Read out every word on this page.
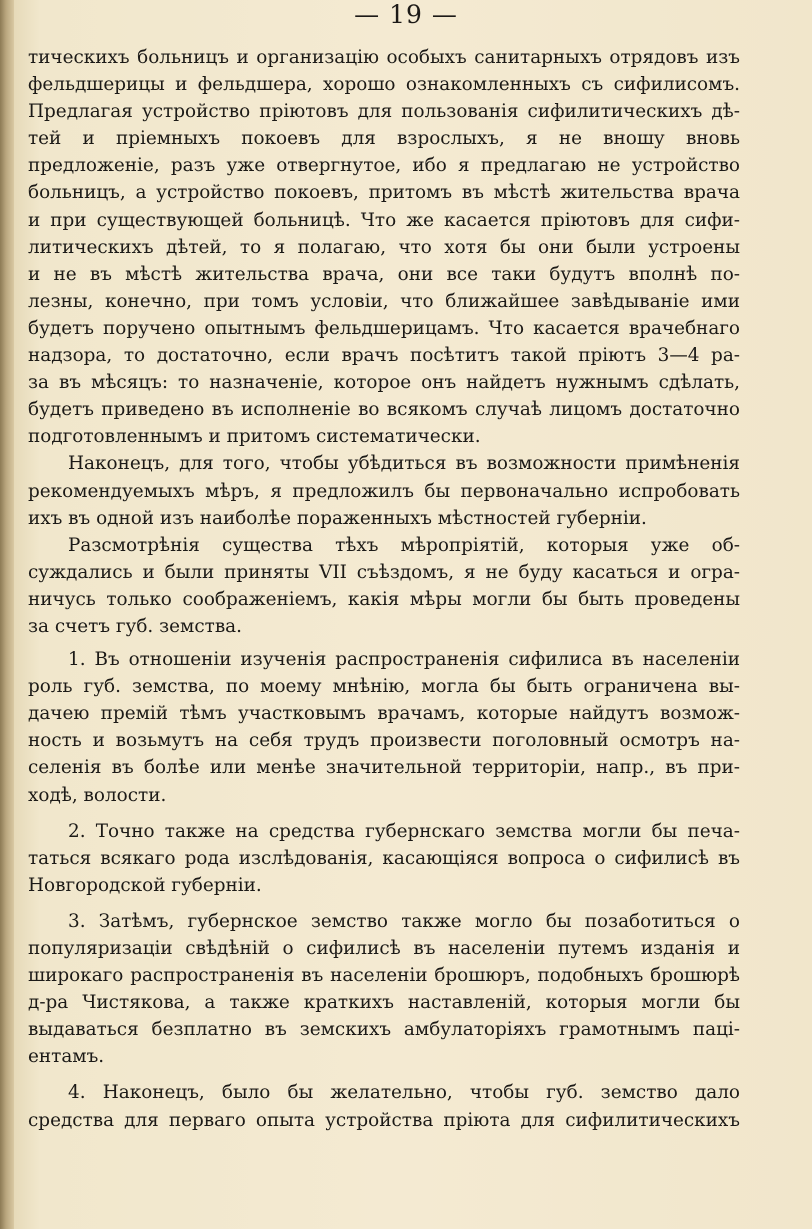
— 19 —

тическихъ больницъ и организацію особыхъ санитарныхъ отрядовъ изъ

фельдшерицы и фельдшера, хорошо ознакомленныхъ съ сифилисомъ.

Предлагая устройство пріютовъ для пользованія сифилитическихъ дѣ-

тей и пріемныхъ покоевъ для взрослыхъ, я не вношу вновь

предложеніе, разъ уже отвергнутое, ибо я предлагаю не устройство

больницъ, а устройство покоевъ, притомъ въ мѣстѣ жительства врача

и при существующей больницѣ. Что же касается пріютовъ для сифи-

литическихъ дѣтей, то я полагаю, что хотя бы они были устроены

и не въ мѣстѣ жительства врача, они все таки будутъ вполнѣ по-

лезны, конечно, при томъ условіи, что ближайшее завѣдываніе ими

будетъ поручено опытнымъ фельдшерицамъ. Что касается врачебнаго

надзора, то достаточно, если врачъ посѣтитъ такой пріютъ 3—4 ра-

за въ мѣсяцъ: то назначеніе, которое онъ найдетъ нужнымъ сдѣлать,

будетъ приведено въ исполненіе во всякомъ случаѣ лицомъ достаточно

подготовленнымъ и притомъ систематически.

Наконецъ, для того, чтобы убѣдиться въ возможности примѣненія

рекомендуемыхъ мѣръ, я предложилъ бы первоначально испробовать

ихъ въ одной изъ наиболѣе пораженныхъ мѣстностей губерніи.

Разсмотрѣнія существа тѣхъ мѣропріятій, которыя уже об-

суждались и были приняты VII съѣздомъ, я не буду касаться и огра-

ничусь только соображеніемъ, какія мѣры могли бы быть проведены

за счетъ губ. земства.

1. Въ отношеніи изученія распространенія сифилиса въ населеніи

роль губ. земства, по моему мнѣнію, могла бы быть ограничена вы-

дачею премій тѣмъ участковымъ врачамъ, которые найдутъ возмож-

ность и возьмутъ на себя трудъ произвести поголовный осмотръ на-

селенія въ болѣе или менѣе значительной территоріи, напр., въ при-

ходѣ, волости.

2. Точно также на средства губернскаго земства могли бы печа-

таться всякаго рода изслѣдованія, касающіяся вопроса о сифилисѣ въ

Новгородской губерніи.

3. Затѣмъ, губернское земство также могло бы позаботиться о

популяризаціи свѣдѣній о сифилисѣ въ населеніи путемъ изданія и

широкаго распространенія въ населеніи брошюръ, подобныхъ брошюрѣ

д-ра Чистякова, а также краткихъ наставленій, которыя могли бы

выдаваться безплатно въ земскихъ амбулаторіяхъ грамотнымъ паці-

ентамъ.

4. Наконецъ, было бы желательно, чтобы губ. земство дало

средства для перваго опыта устройства пріюта для сифилитическихъ
